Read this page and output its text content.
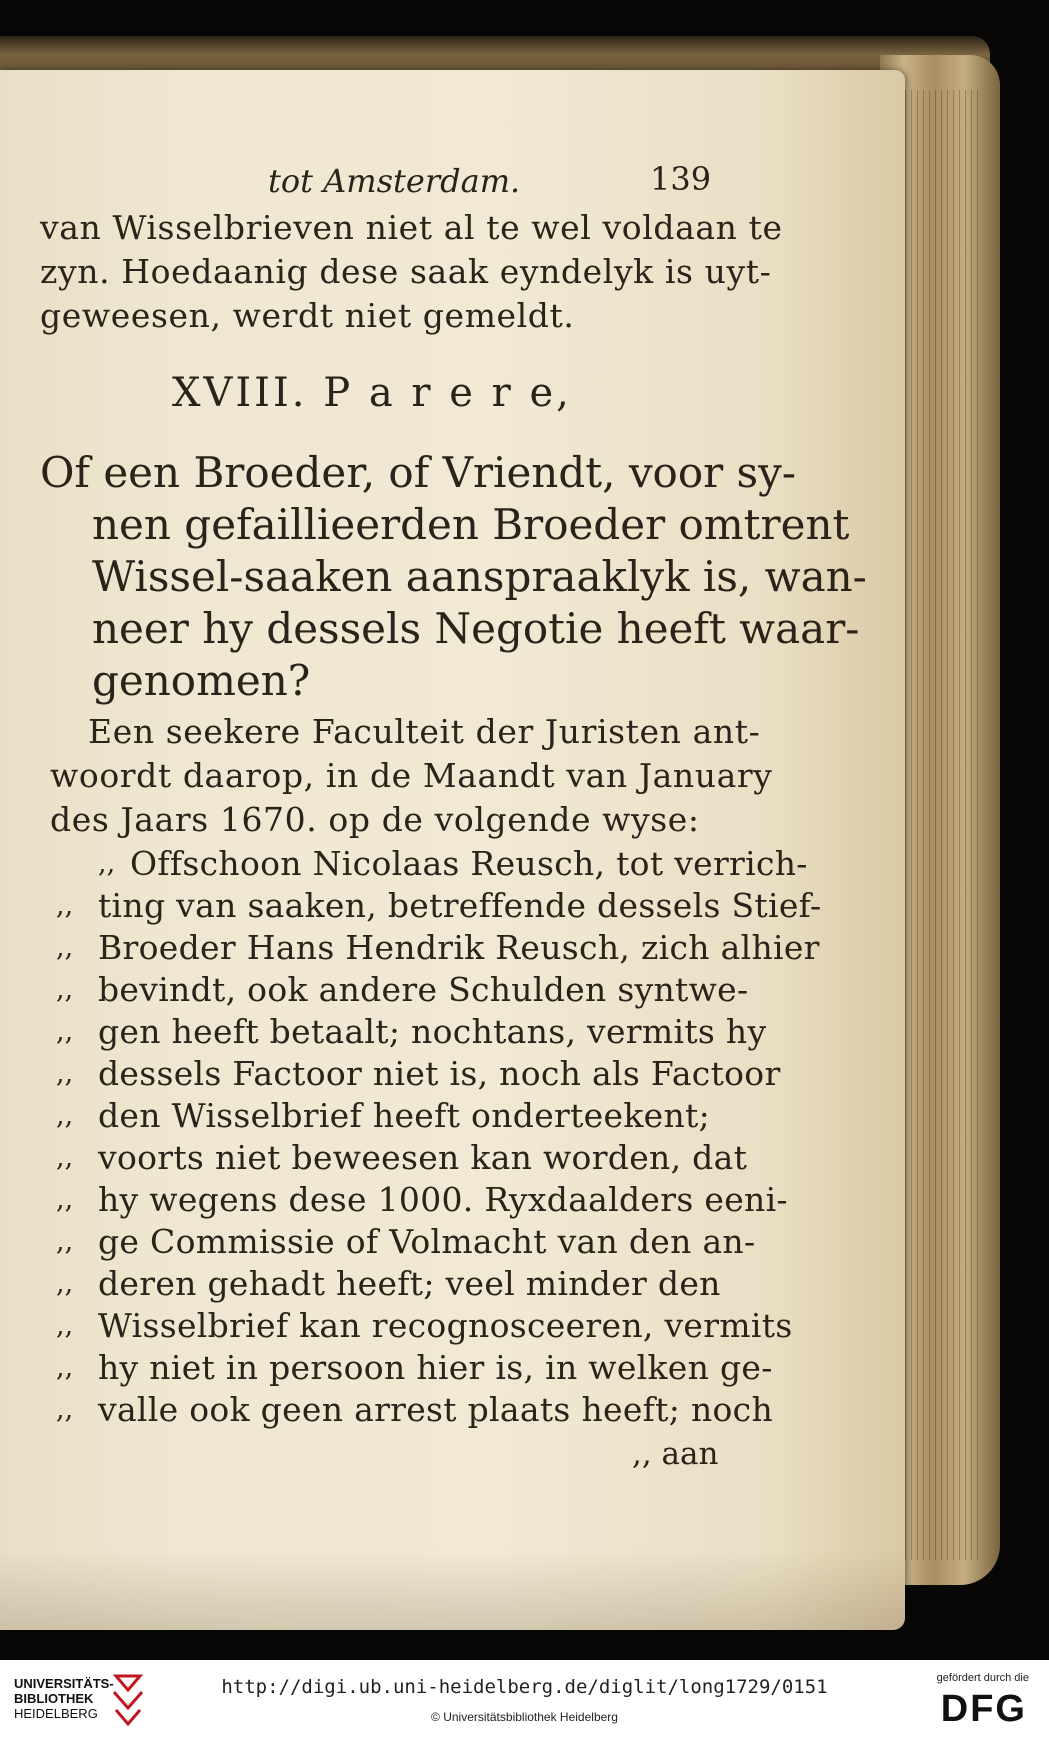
tot Amsterdam.	139
van Wisselbrieven niet al te wel voldaan te
zyn. Hoedaanig dese saak eyndelyk is uyt-
geweesen, werdt niet gemeldt.
XVIII. P a r e r e,
Of een Broeder, of Vriendt, voor sy-
nen gefaillieerden Broeder omtrent
Wissel-saaken aanspraaklyk is, wan-
neer hy dessels Negotie heeft waar-
genomen?
Een seekere Faculteit der Juristen ant-
woordt daarop, in de Maandt van January
des Jaars 1670. op de volgende wyse:
,, Offschoon Nicolaas Reusch, tot verrich-
,, ting van saaken, betreffende dessels Stief-
,, Broeder Hans Hendrik Reusch, zich alhier
,, bevindt, ook andere Schulden syntwe-
,, gen heeft betaalt; nochtans, vermits hy
,, dessels Factoor niet is, noch als Factoor
,, den Wisselbrief heeft onderteekent;
,, voorts niet beweesen kan worden, dat
,, hy wegens dese 1000. Ryxdaalders eeni-
,, ge Commissie of Volmacht van den an-
,, deren gehadt heeft; veel minder den
,, Wisselbrief kan recognosceeren, vermits
,, hy niet in persoon hier is, in welken ge-
,, valle ook geen arrest plaats heeft; noch
,, aan
UNIVERSITÄTS-
BIBLIOTHEK
HEIDELBERG
http://digi.ub.uni-heidelberg.de/diglit/long1729/0151
© Universitätsbibliothek Heidelberg
gefördert durch die
DFG
